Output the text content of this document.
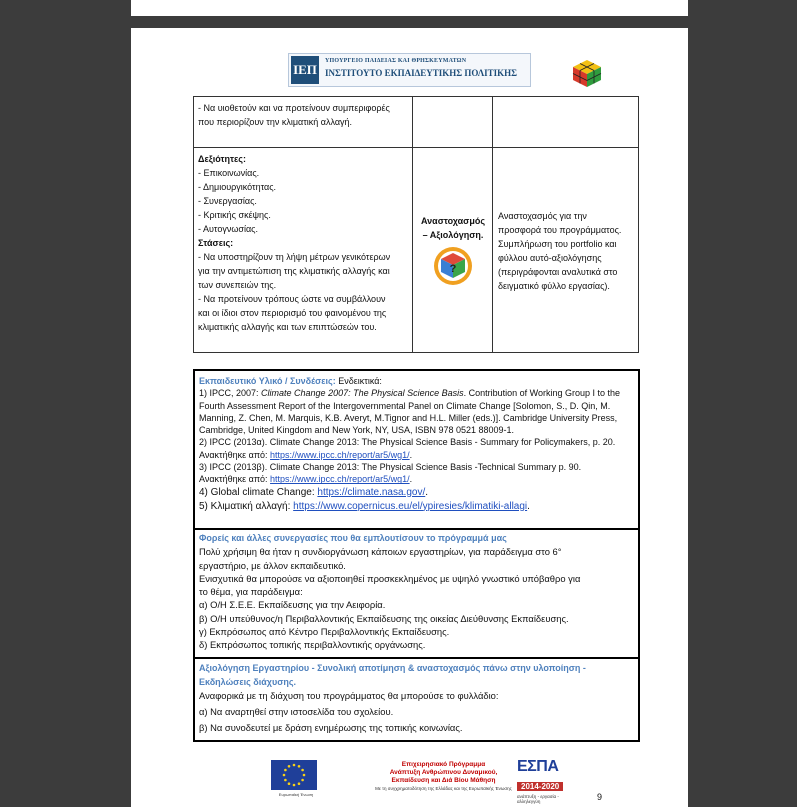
ΙΕΠ
ΥΠΟΥΡΓΕΙΟ ΠΑΙΔΕΙΑΣ ΚΑΙ ΘΡΗΣΚΕΥΜΑΤΩΝ
ΙΝΣΤΙΤΟΥΤΟ ΕΚΠΑΙΔΕΥΤΙΚΗΣ ΠΟΛΙΤΙΚΗΣ
- Να υιοθετούν και να προτείνουν συμπεριφορές
που περιορίζουν την κλιματική αλλαγή.
Δεξιότητες:
- Επικοινωνίας.
- Δημιουργικότητας.
- Συνεργασίας.
- Κριτικής σκέψης.
- Αυτογνωσίας.
Στάσεις:
- Να υποστηρίζουν τη λήψη μέτρων γενικότερων
για την αντιμετώπιση της κλιματικής αλλαγής και
των συνεπειών της.
- Να προτείνουν τρόπους ώστε να συμβάλλουν
και οι ίδιοι στον περιορισμό του φαινομένου της
κλιματικής αλλαγής και των επιπτώσεών του.
Αναστοχασμός
– Αξιολόγηση.
?
Αναστοχασμός για την
προσφορά του προγράμματος.
Συμπλήρωση του portfolio και
φύλλου αυτό-αξιολόγησης
(περιγράφονται αναλυτικά στο
δειγματικό φύλλο εργασίας).
Εκπαιδευτικό Υλικό / Συνδέσεις: Ενδεικτικά:
1) IPCC, 2007: Climate Change 2007: The Physical Science Basis. Contribution of Working Group I to the
Fourth Assessment Report of the Intergovernmental Panel on Climate Change [Solomon, S., D. Qin, M.
Manning, Z. Chen, M. Marquis, K.B. Averyt, M.Tignor and H.L. Miller (eds.)]. Cambridge University Press,
Cambridge, United Kingdom and New York, NY, USA, ISBN 978 0521 88009-1.
2) IPCC (2013α). Climate Change 2013: The Physical Science Basis - Summary for Policymakers, p. 20.
Ανακτήθηκε από: https://www.ipcc.ch/report/ar5/wg1/.
3) IPCC (2013β). Climate Change 2013: The Physical Science Basis -Technical Summary p. 90.
Ανακτήθηκε από: https://www.ipcc.ch/report/ar5/wg1/.
4) Global climate Change: https://climate.nasa.gov/.
5) Κλιματική αλλαγή: https://www.copernicus.eu/el/ypiresies/klimatiki-allagi.
Φορείς και άλλες συνεργασίες που θα εμπλουτίσουν το πρόγραμμά μας
Πολύ χρήσιμη θα ήταν η συνδιοργάνωση κάποιων εργαστηρίων, για παράδειγμα στο 6°
εργαστήριο, με άλλον εκπαιδευτικό.
Ενισχυτικά θα μπορούσε να αξιοποιηθεί προσκεκλημένος με υψηλό γνωστικό υπόβαθρο για
το θέμα, για παράδειγμα:
α) Ο/Η Σ.Ε.Ε. Εκπαίδευσης για την Αειφορία.
β) Ο/Η υπεύθυνος/η Περιβαλλοντικής Εκπαίδευσης της οικείας Διεύθυνσης Εκπαίδευσης.
γ) Εκπρόσωπος από Κέντρο Περιβαλλοντικής Εκπαίδευσης.
δ) Εκπρόσωπος τοπικής περιβαλλοντικής οργάνωσης.
Αξιολόγηση Εργαστηρίου - Συνολική αποτίμηση & αναστοχασμός πάνω στην υλοποίηση -
Εκδηλώσεις διάχυσης.
Αναφορικά με τη διάχυση του προγράμματος θα μπορούσε το φυλλάδιο:
α) Να αναρτηθεί στην ιστοσελίδα του σχολείου.
β) Να συνοδευτεί με δράση ενημέρωσης της τοπικής κοινωνίας.
Ευρωπαϊκή Ένωση
Επιχειρησιακό Πρόγραμμα
Ανάπτυξη Ανθρώπινου Δυναμικού,
Εκπαίδευση και Διά Βίου Μάθηση
Με τη συγχρηματοδότηση της Ελλάδας και της Ευρωπαϊκής Ένωσης
ΕΣΠΑ
2014-2020
ανάπτυξη - εργασία - αλληλεγγύη	9
